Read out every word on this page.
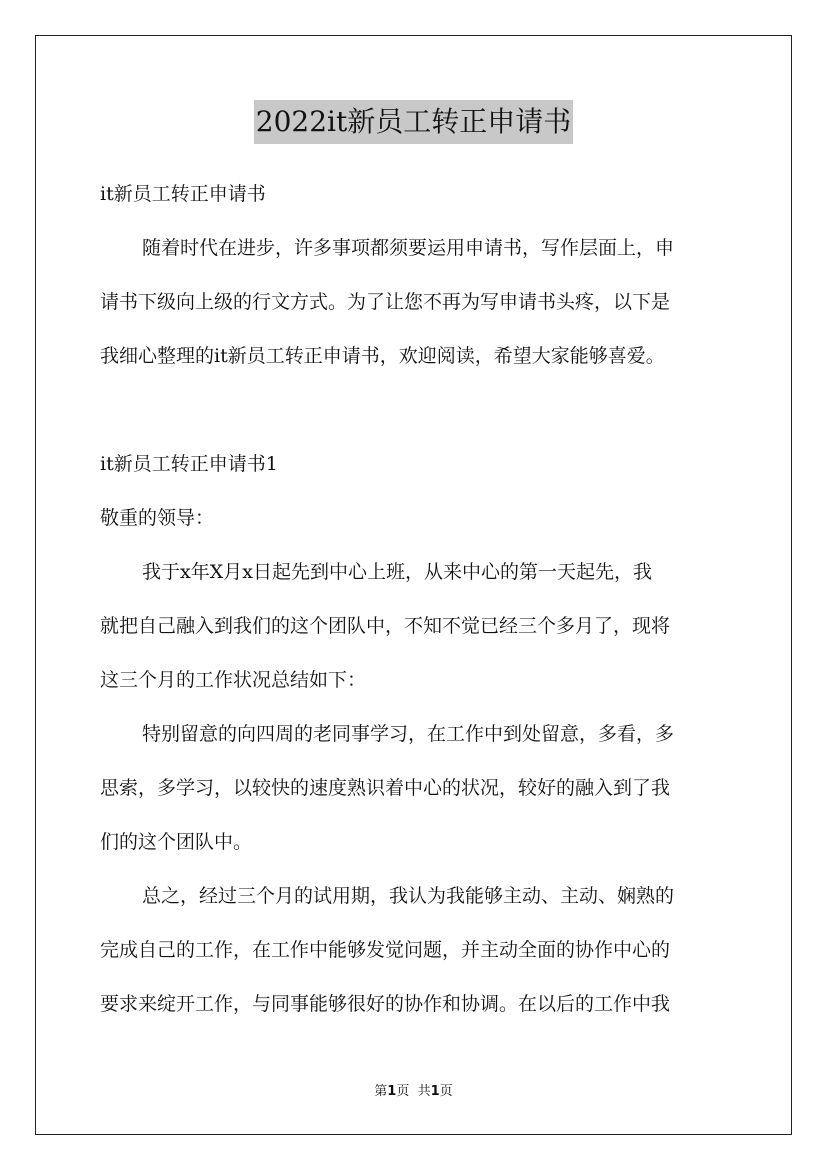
2022it新员工转正申请书

it新员工转正申请书

随着时代在进步，许多事项都须要运用申请书，写作层面上，申

请书下级向上级的行文方式。为了让您不再为写申请书头疼，以下是

我细心整理的it新员工转正申请书，欢迎阅读，希望大家能够喜爱。

it新员工转正申请书1

敬重的领导：

我于x年X月x日起先到中心上班，从来中心的第一天起先，我

就把自己融入到我们的这个团队中，不知不觉已经三个多月了，现将

这三个月的工作状况总结如下：

特别留意的向四周的老同事学习，在工作中到处留意，多看，多

思索，多学习，以较快的速度熟识着中心的状况，较好的融入到了我

们的这个团队中。

总之，经过三个月的试用期，我认为我能够主动、主动、娴熟的

完成自己的工作，在工作中能够发觉问题，并主动全面的协作中心的

要求来绽开工作，与同事能够很好的协作和协调。在以后的工作中我

第1页 共1页
